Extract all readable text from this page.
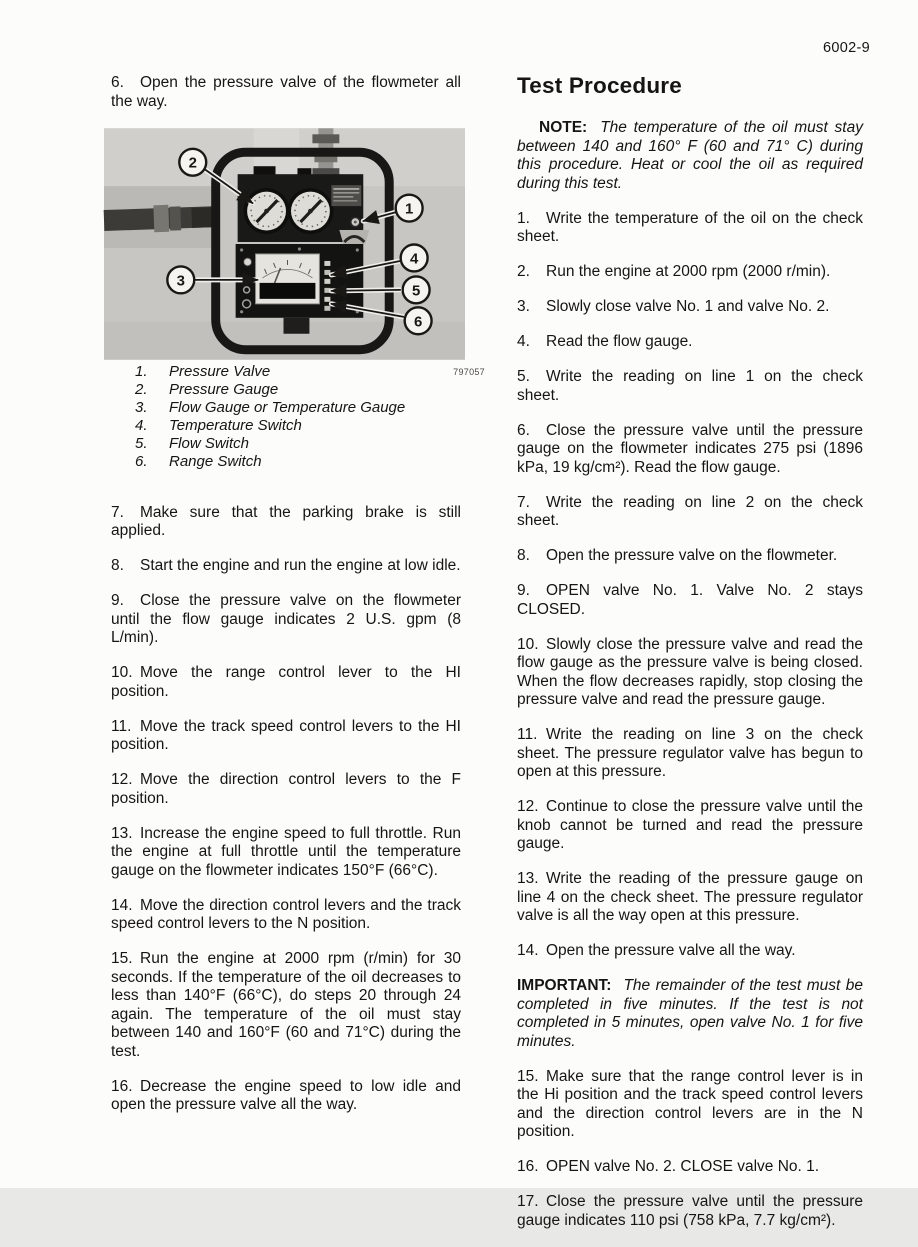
6002-9

6. Open the pressure valve of the flowmeter all the way.

2
1
4
3
5
6
797057
1.	Pressure Valve
2.	Pressure Gauge
3.	Flow Gauge or Temperature Gauge
4.	Temperature Switch
5.	Flow Switch
6.	Range Switch

7. Make sure that the parking brake is still applied.

8. Start the engine and run the engine at low idle.

9. Close the pressure valve on the flowmeter until the flow gauge indicates 2 U.S. gpm (8 L/min).

10. Move the range control lever to the HI position.

11. Move the track speed control levers to the HI position.

12. Move the direction control levers to the F position.

13. Increase the engine speed to full throttle. Run the engine at full throttle until the temperature gauge on the flowmeter indicates 150°F (66°C).

14. Move the direction control levers and the track speed control levers to the N position.

15. Run the engine at 2000 rpm (r/min) for 30 seconds. If the temperature of the oil decreases to less than 140°F (66°C), do steps 20 through 24 again. The temperature of the oil must stay between 140 and 160°F (60 and 71°C) during the test.

16. Decrease the engine speed to low idle and open the pressure valve all the way.

Test Procedure

NOTE: The temperature of the oil must stay between 140 and 160° F (60 and 71° C) during this procedure. Heat or cool the oil as required during this test.

1. Write the temperature of the oil on the check sheet.

2. Run the engine at 2000 rpm (2000 r/min).

3. Slowly close valve No. 1 and valve No. 2.

4. Read the flow gauge.

5. Write the reading on line 1 on the check sheet.

6. Close the pressure valve until the pressure gauge on the flowmeter indicates 275 psi (1896 kPa, 19 kg/cm²). Read the flow gauge.

7. Write the reading on line 2 on the check sheet.

8. Open the pressure valve on the flowmeter.

9. OPEN valve No. 1. Valve No. 2 stays CLOSED.

10. Slowly close the pressure valve and read the flow gauge as the pressure valve is being closed. When the flow decreases rapidly, stop closing the pressure valve and read the pressure gauge.

11. Write the reading on line 3 on the check sheet. The pressure regulator valve has begun to open at this pressure.

12. Continue to close the pressure valve until the knob cannot be turned and read the pressure gauge.

13. Write the reading of the pressure gauge on line 4 on the check sheet. The pressure regulator valve is all the way open at this pressure.

14. Open the pressure valve all the way.

IMPORTANT: The remainder of the test must be completed in five minutes. If the test is not completed in 5 minutes, open valve No. 1 for five minutes.

15. Make sure that the range control lever is in the Hi position and the track speed control levers and the direction control levers are in the N position.

16. OPEN valve No. 2. CLOSE valve No. 1.

17. Close the pressure valve until the pressure gauge indicates 110 psi (758 kPa, 7.7 kg/cm²).
